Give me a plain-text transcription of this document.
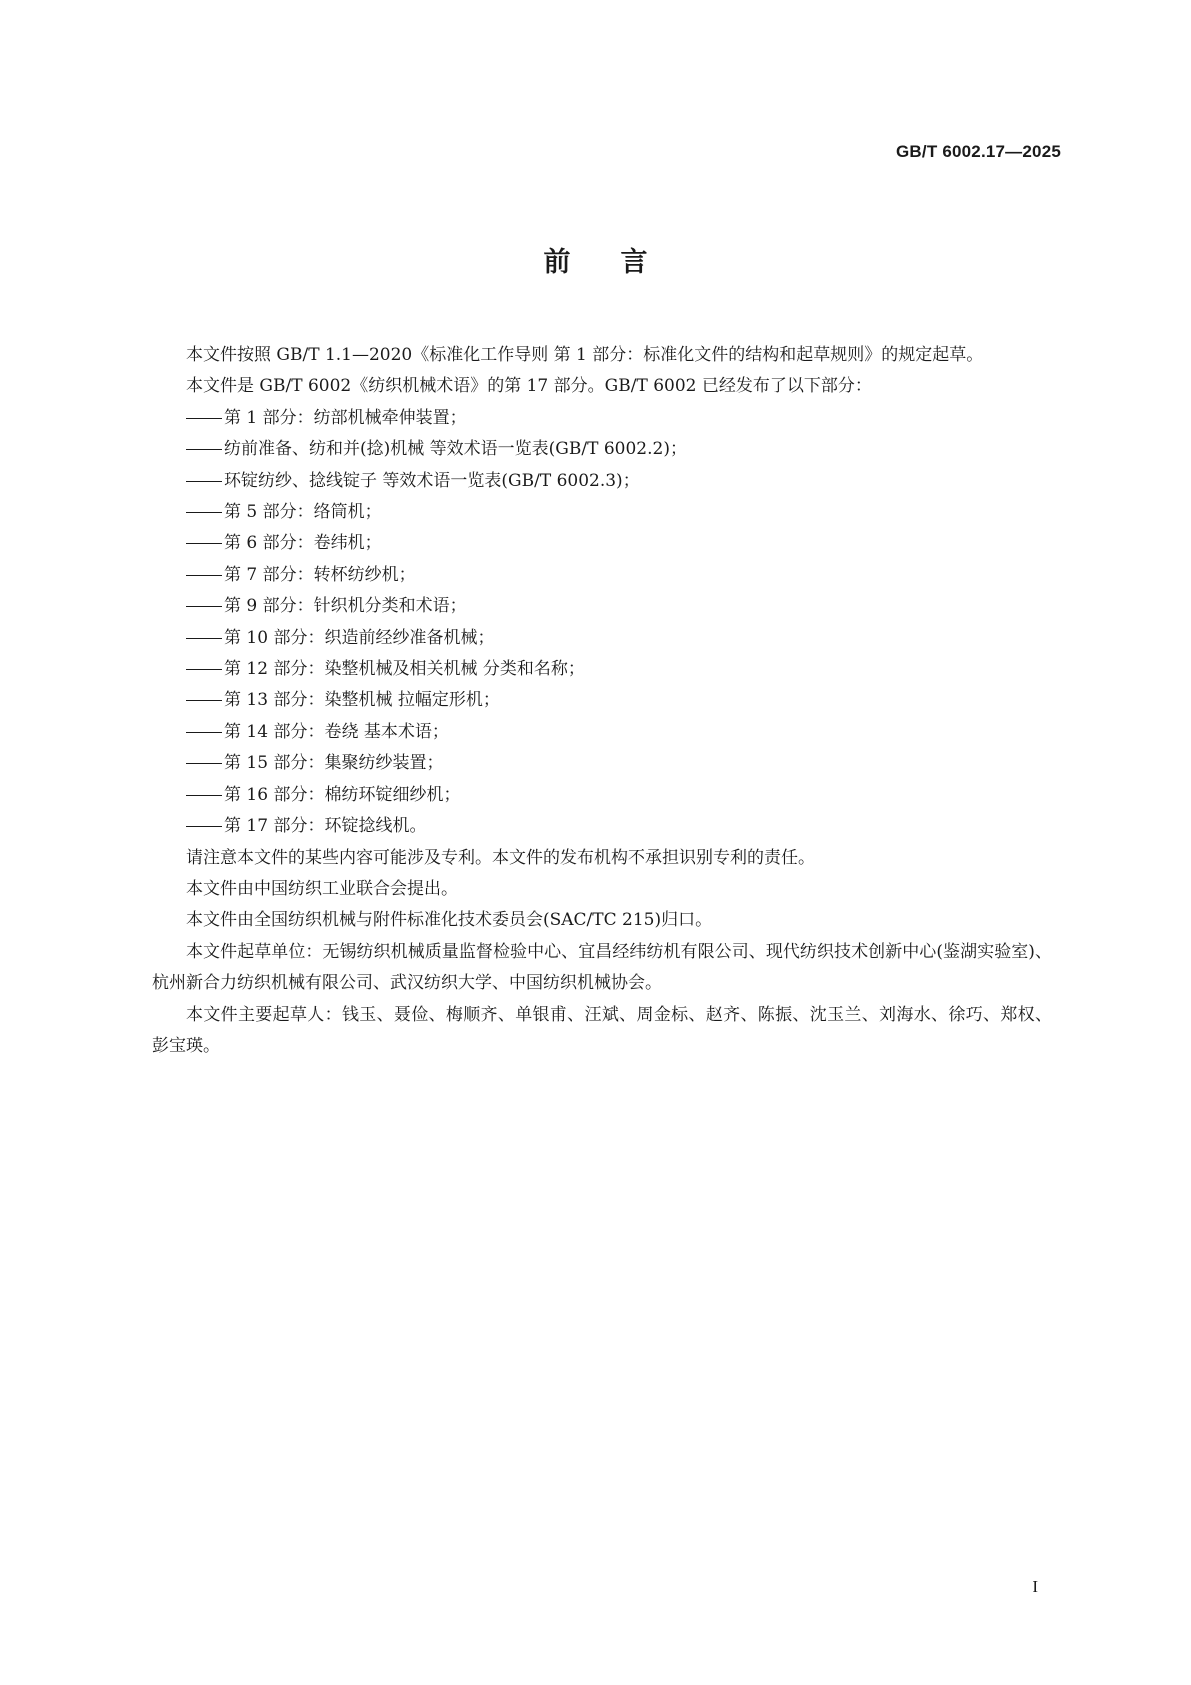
GB/T 6002.17—2025
前言

本文件按照 GB/T 1.1—2020《标准化工作导则 第 1 部分：标准化文件的结构和起草规则》的规定起草。

本文件是 GB/T 6002《纺织机械术语》的第 17 部分。GB/T 6002 已经发布了以下部分：

第 1 部分：纺部机械牵伸装置；
纺前准备、纺和并(捻)机械 等效术语一览表(GB/T 6002.2)；
环锭纺纱、捻线锭子 等效术语一览表(GB/T 6002.3)；
第 5 部分：络筒机；
第 6 部分：卷纬机；
第 7 部分：转杯纺纱机；
第 9 部分：针织机分类和术语；
第 10 部分：织造前经纱准备机械；
第 12 部分：染整机械及相关机械 分类和名称；
第 13 部分：染整机械 拉幅定形机；
第 14 部分：卷绕 基本术语；
第 15 部分：集聚纺纱装置；
第 16 部分：棉纺环锭细纱机；
第 17 部分：环锭捻线机。

请注意本文件的某些内容可能涉及专利。本文件的发布机构不承担识别专利的责任。

本文件由中国纺织工业联合会提出。

本文件由全国纺织机械与附件标准化技术委员会(SAC/TC 215)归口。

本文件起草单位：无锡纺织机械质量监督检验中心、宜昌经纬纺机有限公司、现代纺织技术创新中心(鉴湖实验室)、杭州新合力纺织机械有限公司、武汉纺织大学、中国纺织机械协会。

本文件主要起草人：钱玉、聂俭、梅顺齐、单银甫、汪斌、周金标、赵齐、陈振、沈玉兰、刘海水、徐巧、郑权、彭宝瑛。

I
